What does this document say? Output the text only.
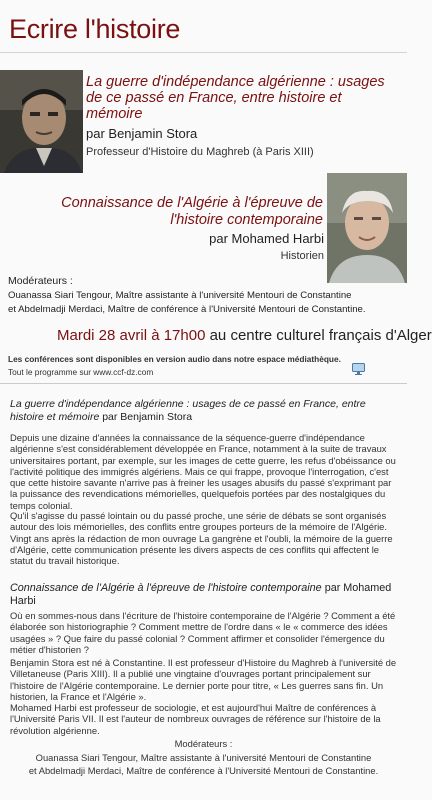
Ecrire l'histoire
La guerre d'indépendance algérienne : usages de ce passé en France, entre histoire et mémoire
par Benjamin Stora
Professeur d'Histoire du Maghreb (à Paris XIII)
Connaissance de l'Algérie à l'épreuve de l'histoire contemporaine
par Mohamed Harbi
Historien
Modérateurs :
Ouanassa Siari Tengour, Maître assistante à l'université Mentouri de Constantine
et Abdelmadji Merdaci, Maître de conférence à l'Université Mentouri de Constantine.
Mardi 28 avril à 17h00 au centre culturel français d'Alger
Les conférences sont disponibles en version audio dans notre espace médiathèque.
Tout le programme sur www.ccf-dz.com
La guerre d'indépendance algérienne : usages de ce passé en France, entre histoire et mémoire par Benjamin Stora
Depuis une dizaine d'années la connaissance de la séquence-guerre d'indépendance algérienne s'est considérablement développée en France, notamment à la suite de travaux universitaires portant, par exemple, sur les images de cette guerre, les refus d'obéissance ou l'activité politique des immigrés algériens. Mais ce qui frappe, provoque l'interrogation, c'est que cette histoire savante n'arrive pas à freiner les usages abusifs du passé s'exprimant par la puissance des revendications mémorielles, quelquefois portées par des nostalgiques du temps colonial.
Qu'il s'agisse du passé lointain ou du passé proche, une série de débats se sont organisés autour des lois mémorielles, des conflits entre groupes porteurs de la mémoire de l'Algérie. Vingt ans après la rédaction de mon ouvrage La gangrène et l'oubli, la mémoire de la guerre d'Algérie, cette communication présente les divers aspects de ces conflits qui affectent le statut du travail historique.
Connaissance de l'Algérie à l'épreuve de l'histoire contemporaine par Mohamed Harbi
Où en sommes-nous dans l'écriture de l'histoire contemporaine de l'Algérie ? Comment a été élaborée son historiographie ? Comment mettre de l'ordre dans « le « commerce des idées usagées » ? Que faire du passé colonial ? Comment affirmer et consolider l'émergence du métier d'historien ?
Benjamin Stora est né à Constantine. Il est professeur d'Histoire du Maghreb à l'université de Villetaneuse (Paris XIII). Il a publié une vingtaine d'ouvrages portant principalement sur l'histoire de l'Algérie contemporaine. Le dernier porte pour titre, « Les guerres sans fin. Un historien, la France et l'Algérie ».
Mohamed Harbi est professeur de sociologie, et est aujourd'hui Maître de conférences à l'Université Paris VII. Il est l'auteur de nombreux ouvrages de référence sur l'histoire de la révolution algérienne.
Modérateurs :
Ouanassa Siari Tengour, Maître assistante à l'université Mentouri de Constantine
et Abdelmadji Merdaci, Maître de conférence à l'Université Mentouri de Constantine.
